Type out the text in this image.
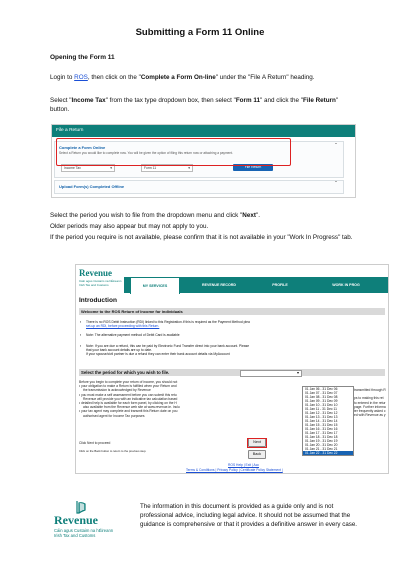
Submitting a Form 11 Online
Opening the Form 11
Login to ROS, then click on the "Complete a Form On-line" under the "File A Return" heading.
Select "Income Tax" from the tax type dropdown box, then select "Form 11" and click the "File Return" button.
File a Return
Complete a Form Online
Select a Return you would like to complete now. You will be given the option of filing this return now or attaching a payment.
Income Tax	▾	Form 11	▾	File Return
ˆ
Upload Form(s) Completed Offline	ˇ
Select the period you wish to file from the dropdown menu and click "Next".
Older periods may also appear but may not apply to you.
If the period you require is not available, please confirm that it is not available in your "Work In Progress" tab.
Revenue
Cáin agus Custaim na hÉireann
Irish Tax and Customs	MY SERVICES	REVENUE RECORD	PROFILE	WORK IN PROG
Introduction
Welcome to the ROS Return of Income for individuals
▪ There is no ROS Debit Instruction (RDI) linked to this Registration.If this is required as the Payment Method plea
set-up an RDI, before proceeding with this Return.
▪ Note: The alternative payment method of Debit Card is available
▪ Note: If you are due a refund, this can be paid by Electronic Fund Transfer direct into your bank account. Please
that your bank account details are up to date.
If your spouse/civil partner is due a refund they can enter their bank account details via MyAccount
Select the period for which you wish to file.	▾
Before you begin to complete your return of income, you should not
• your obligation to make a Return is fulfilled when your Return and
the transmission is acknowledged by Revenue
• you must make a self assessment before you can submit this retu
Revenue will provide you with an indicative tax calculation based
• detailed help is available for each form panel, by clicking on the H
also available from the Revenue web site at www.revenue.ie. Inclu
• your tax agent may complete and transmit this Return date on you
authorised agent for Income Tax purposes
transmitted through R

ps to making this ret
to entered in the retur
page. Further informa
ter frequently asked c
ed with Revenue as y
01 Jan 06 - 31 Dec 06
01 Jan 07 - 31 Dec 07
01 Jan 08 - 31 Dec 08
01 Jan 09 - 31 Dec 09
01 Jan 10 - 31 Dec 10
01 Jan 11 - 31 Dec 11
01 Jan 12 - 31 Dec 12
01 Jan 13 - 31 Dec 13
01 Jan 14 - 31 Dec 14
01 Jan 15 - 31 Dec 15
01 Jan 16 - 31 Dec 16
01 Jan 17 - 31 Dec 17
01 Jan 18 - 31 Dec 18
01 Jan 19 - 31 Dec 19
01 Jan 20 - 31 Dec 20
01 Jan 21 - 31 Dec 21
01 Jan 22 - 31 Dec 22
Click Next to proceed
Click on the Back button to return to the previous step.
Next
Back
ROS Help | Exit | Acc
Terms & Conditions | Privacy Policy | Certificate Policy Statement |
Revenue
Cáin agus Custaim na hÉireann
Irish Tax and Customs
The information in this document is provided as a guide only and is not professional advice, including legal advice. It should not be assumed that the guidance is comprehensive or that it provides a definitive answer in every case.
